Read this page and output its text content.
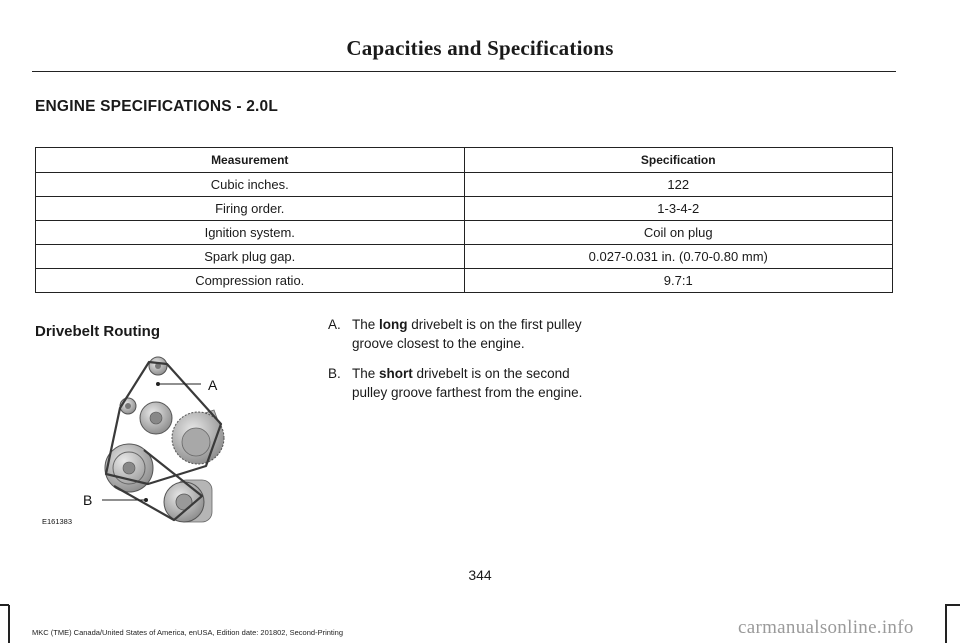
Capacities and Specifications
ENGINE SPECIFICATIONS - 2.0L
Measurement	Specification
Cubic inches.	122
Firing order.	1-3-4-2
Ignition system.	Coil on plug
Spark plug gap.	0.027-0.031 in. (0.70-0.80 mm)
Compression ratio.	9.7:1
Drivebelt Routing
A
B
E161383
A. The long drivebelt is on the first pulley groove closest to the engine.
B. The short drivebelt is on the second pulley groove farthest from the engine.
344
MKC (TME) Canada/United States of America, enUSA, Edition date: 201802, Second-Printing	carmanualsonline.info
